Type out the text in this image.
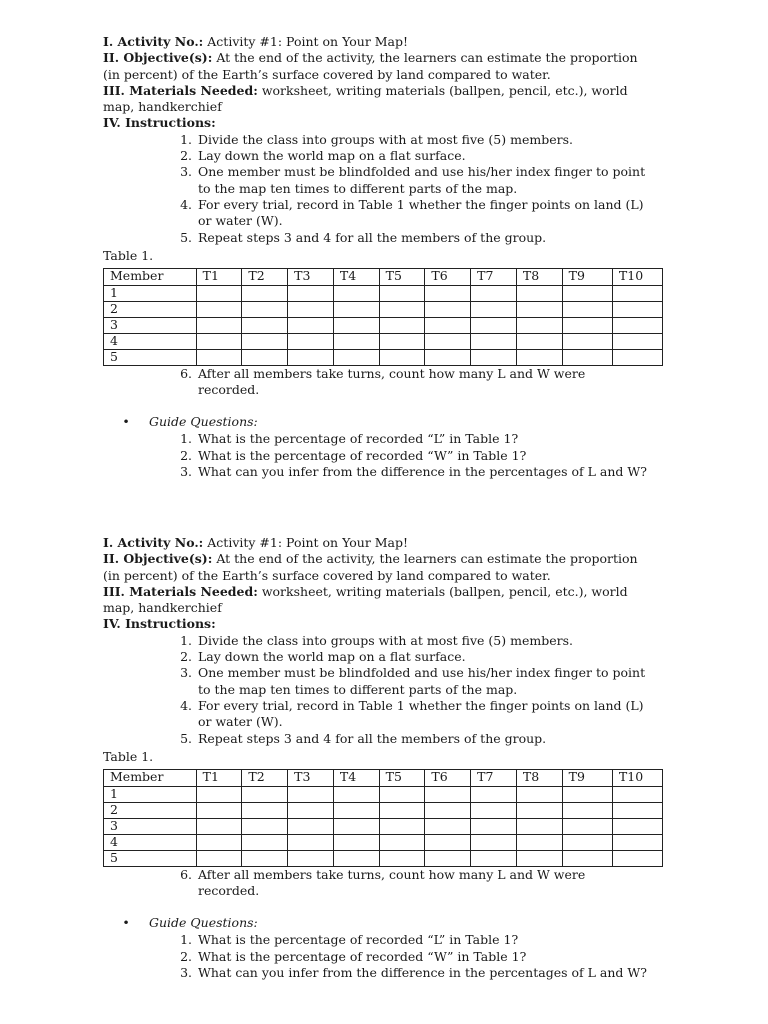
I. Activity No.: Activity #1: Point on Your Map!
II. Objective(s): At the end of the activity, the learners can estimate the proportion
(in percent) of the Earth’s surface covered by land compared to water.
III. Materials Needed: worksheet, writing materials (ballpen, pencil, etc.), world
map, handkerchief
IV. Instructions:
1. Divide the class into groups with at most five (5) members.
2. Lay down the world map on a flat surface.
3. One member must be blindfolded and use his/her index finger to point
to the map ten times to different parts of the map.
4. For every trial, record in Table 1 whether the finger points on land (L)
or water (W).
5. Repeat steps 3 and 4 for all the members of the group.
Table 1.
Member	T1	T2	T3	T4	T5	T6	T7	T8	T9	T10
1										
2										
3										
4										
5										
6. After all members take turns, count how many L and W were
recorded.
•	Guide Questions:
1. What is the percentage of recorded “L” in Table 1?
2. What is the percentage of recorded “W” in Table 1?
3. What can you infer from the difference in the percentages of L and W?
I. Activity No.: Activity #1: Point on Your Map!
II. Objective(s): At the end of the activity, the learners can estimate the proportion
(in percent) of the Earth’s surface covered by land compared to water.
III. Materials Needed: worksheet, writing materials (ballpen, pencil, etc.), world
map, handkerchief
IV. Instructions:
1. Divide the class into groups with at most five (5) members.
2. Lay down the world map on a flat surface.
3. One member must be blindfolded and use his/her index finger to point
to the map ten times to different parts of the map.
4. For every trial, record in Table 1 whether the finger points on land (L)
or water (W).
5. Repeat steps 3 and 4 for all the members of the group.
Table 1.
Member	T1	T2	T3	T4	T5	T6	T7	T8	T9	T10
1										
2										
3										
4										
5										
6. After all members take turns, count how many L and W were
recorded.
•	Guide Questions:
1. What is the percentage of recorded “L” in Table 1?
2. What is the percentage of recorded “W” in Table 1?
3. What can you infer from the difference in the percentages of L and W?
